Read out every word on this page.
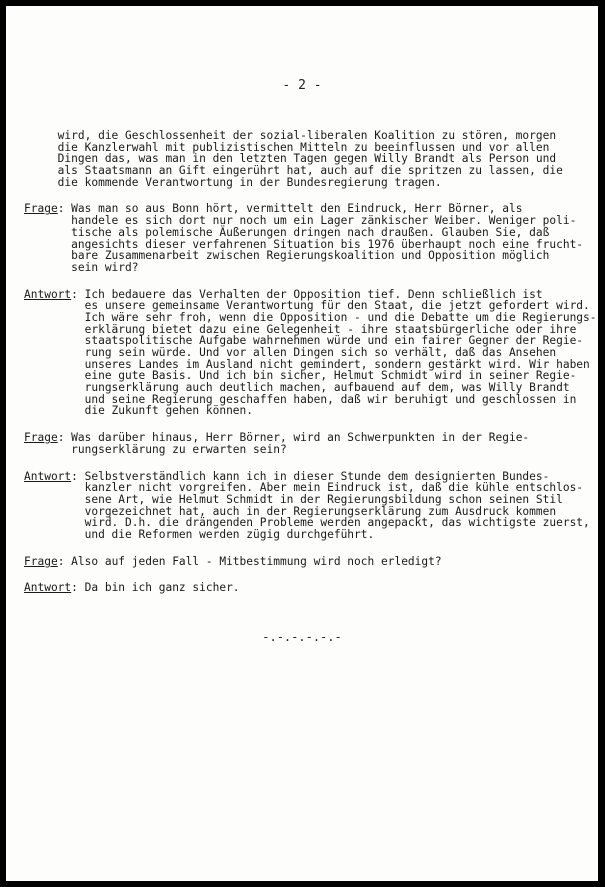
- 2 -
wird, die Geschlossenheit der sozial-liberalen Koalition zu stören, morgen
die Kanzlerwahl mit publizistischen Mitteln zu beeinflussen und vor allen
Dingen das, was man in den letzten Tagen gegen Willy Brandt als Person und
als Staatsmann an Gift eingerührt hat, auch auf die spritzen zu lassen, die
die kommende Verantwortung in der Bundesregierung tragen.
Frage: Was man so aus Bonn hört, vermittelt den Eindruck, Herr Börner, als
handele es sich dort nur noch um ein Lager zänkischer Weiber. Weniger poli-
tische als polemische Äußerungen dringen nach draußen. Glauben Sie, daß
angesichts dieser verfahrenen Situation bis 1976 überhaupt noch eine frucht-
bare Zusammenarbeit zwischen Regierungskoalition und Opposition möglich
sein wird?
Antwort: Ich bedauere das Verhalten der Opposition tief. Denn schließlich ist
es unsere gemeinsame Verantwortung für den Staat, die jetzt gefordert wird.
Ich wäre sehr froh, wenn die Opposition - und die Debatte um die Regierungs-
erklärung bietet dazu eine Gelegenheit - ihre staatsbürgerliche oder ihre
staatspolitische Aufgabe wahrnehmen würde und ein fairer Gegner der Regie-
rung sein würde. Und vor allen Dingen sich so verhält, daß das Ansehen
unseres Landes im Ausland nicht gemindert, sondern gestärkt wird. Wir haben
eine gute Basis. Und ich bin sicher, Helmut Schmidt wird in seiner Regie-
rungserklärung auch deutlich machen, aufbauend auf dem, was Willy Brandt
und seine Regierung geschaffen haben, daß wir beruhigt und geschlossen in
die Zukunft gehen können.
Frage: Was darüber hinaus, Herr Börner, wird an Schwerpunkten in der Regie-
rungserklärung zu erwarten sein?
Antwort: Selbstverständlich kann ich in dieser Stunde dem designierten Bundes-
kanzler nicht vorgreifen. Aber mein Eindruck ist, daß die kühle entschlos-
sene Art, wie Helmut Schmidt in der Regierungsbildung schon seinen Stil
vorgezeichnet hat, auch in der Regierungserklärung zum Ausdruck kommen
wird. D.h. die drängenden Probleme werden angepackt, das wichtigste zuerst,
und die Reformen werden zügig durchgeführt.
Frage: Also auf jeden Fall - Mitbestimmung wird noch erledigt?
Antwort: Da bin ich ganz sicher.
-.-.-.-.-.-
